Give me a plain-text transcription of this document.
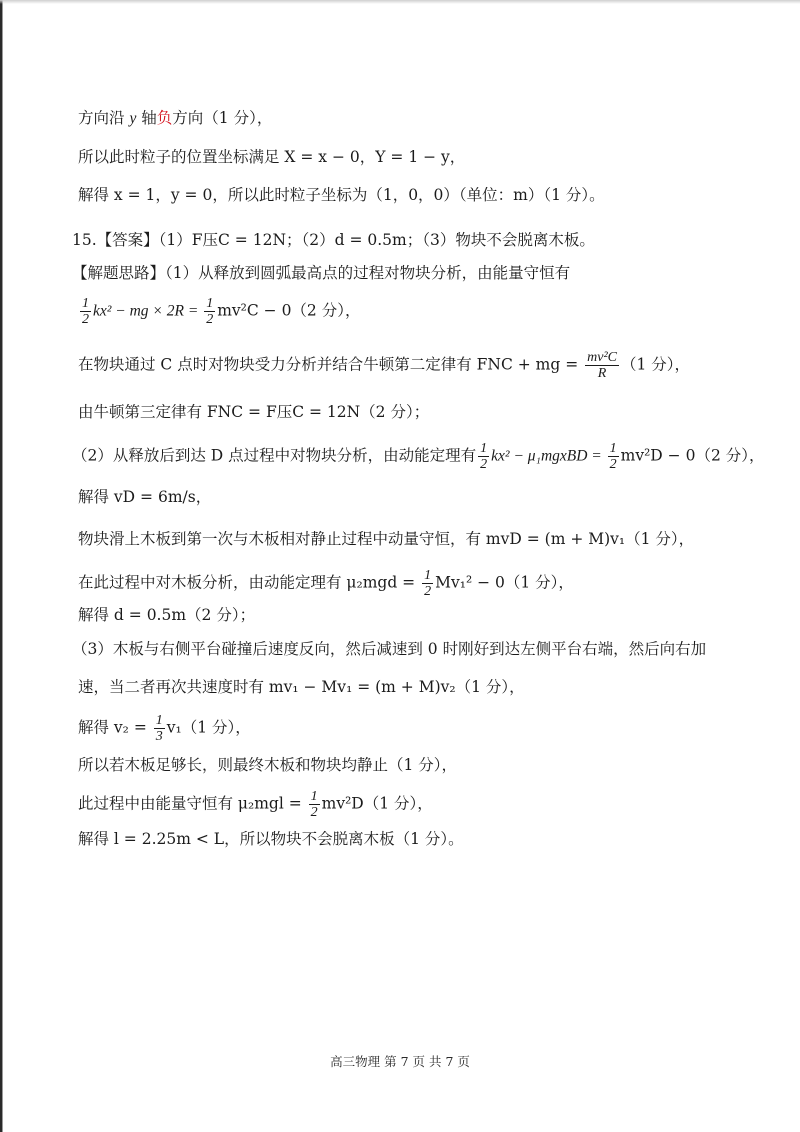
方向沿 y 轴负方向（1 分），
所以此时粒子的位置坐标满足 X = x − 0，Y = 1 − y，
解得 x = 1，y = 0，所以此时粒子坐标为（1，0，0）（单位：m）（1 分）。
15.【答案】（1）F压C = 12N；（2）d = 0.5m；（3）物块不会脱离木板。
【解题思路】（1）从释放到圆弧最高点的过程对物块分析，由能量守恒有
$\frac{1}{2} kx^2$ − mg × $2R = \frac{1}{2} mv^2C - 0(2$ 分），
在物块通过 C 点时对物块受力分析并结合牛顿第二定律有 FNC + mg = $\frac{\text{mv²C}}{R} (1$ 分），
由牛顿第三定律有 FNC = F压C = 12N（2 分）；
（2）从释放后到达 D 点过程中对物块分析，由动能定理有 $\frac{1}{2} kx^2$ − μ₁mgxBD = $\frac{1}{2} mv^2D - 0(2$ 分），
解得 vD = 6m/s，
物块滑上木板到第一次与木板相对静止过程中动量守恒，有 mvD = (m + M)v₁（1 分），
在此过程中对木板分析，由动能定理有 $\mu_2mgd = \frac{1}{2} Mv_1^2 - 0(1$ 分），
解得 d = 0.5m（2 分）；
（3）木板与右侧平台碰撞后速度反向，然后减速到 0 时刚好到达左侧平台右端，然后向右加
速，当二者再次共速度时有 mv₁ − Mv₁ = (m + M)v₂（1 分），
解得 $v_2 = \frac{1}{3} v_1(1$ 分），
所以若木板足够长，则最终木板和物块均静止（1 分），
此过程中由能量守恒有 $\mu_2mgl = \frac{1}{2} mv^2D(1$ 分），
解得 l = 2.25m < L，所以物块不会脱离木板（1 分）。
高三物理 第 7 页 共 7 页
